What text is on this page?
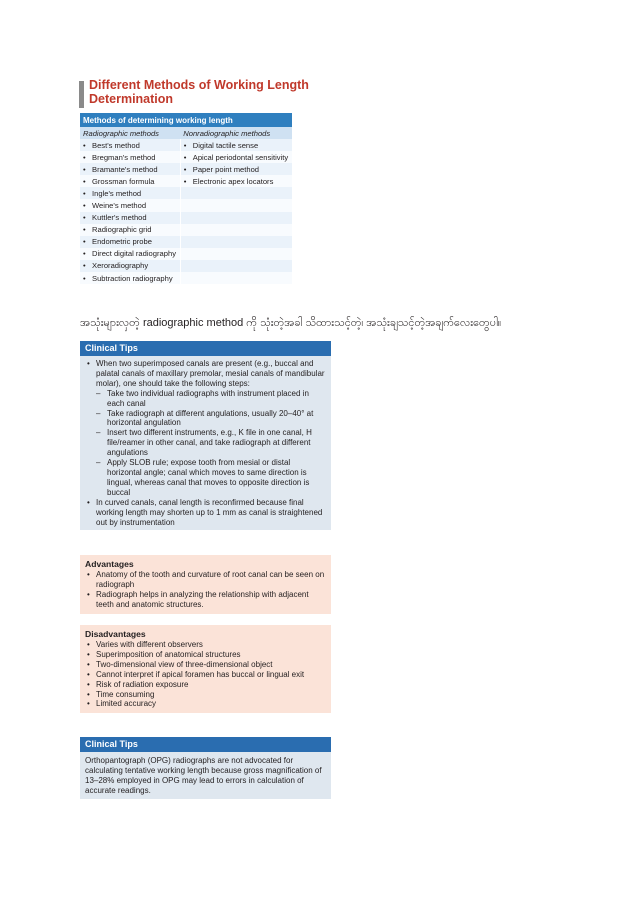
Different Methods of Working Length Determination
Methods of determining working length	
Radiographic methods	Nonradiographic methods
• Best's method	• Digital tactile sense
• Bregman's method	• Apical periodontal sensitivity
• Bramante's method	• Paper point method
• Grossman formula	• Electronic apex locators
• Ingle's method	
• Weine's method	
• Kuttler's method	
• Radiographic grid	
• Endometric probe	
• Direct digital radiography	
• Xeroradiography	
• Subtraction radiography	
အသုံးများလှတဲ့ radiographic method ကို သုံးတဲ့အခါ သိထားသင့်တဲ့၊ အသုံးချသင့်တဲ့အချက်လေးတွေပါ။
Clinical Tips
• When two superimposed canals are present (e.g., buccal and palatal canals of maxillary premolar, mesial canals of mandibular molar), one should take the following steps:
– Take two individual radiographs with instrument placed in each canal
– Take radiograph at different angulations, usually 20–40° at horizontal angulation
– Insert two different instruments, e.g., K file in one canal, H file/reamer in other canal, and take radiograph at different angulations
– Apply SLOB rule; expose tooth from mesial or distal horizontal angle; canal which moves to same direction is lingual, whereas canal that moves to opposite direction is buccal
• In curved canals, canal length is reconfirmed because final working length may shorten up to 1 mm as canal is straightened out by instrumentation
Advantages
• Anatomy of the tooth and curvature of root canal can be seen on radiograph
• Radiograph helps in analyzing the relationship with adjacent teeth and anatomic structures.
Disadvantages
• Varies with different observers
• Superimposition of anatomical structures
• Two-dimensional view of three-dimensional object
• Cannot interpret if apical foramen has buccal or lingual exit
• Risk of radiation exposure
• Time consuming
• Limited accuracy
Clinical Tips
Orthopantograph (OPG) radiographs are not advocated for calculating tentative working length because gross magnification of 13–28% employed in OPG may lead to errors in calculation of accurate readings.
